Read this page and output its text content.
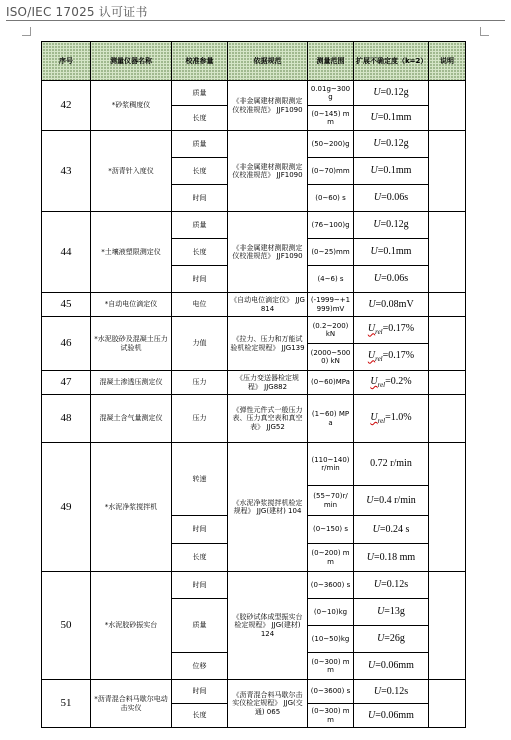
ISO/IEC 17025 认可证书
序号	测量仪器名称	校准参量	依据规范	测量范围	扩展不确定度（k=2）	说明
42	*砂浆稠度仪	质量	《非金属建材测限测定仪校准规范》 JJF1090	0.01g~300g	U=0.12g	
		长度		(0~145) mm	U=0.1mm	
43	*沥青针入度仪	质量	《非金属建材测限测定仪校准规范》 JJF1090	(50~200)g	U=0.12g	
		长度		(0~70)mm	U=0.1mm	
		时间		(0~60) s	U=0.06s	
44	*土壤液塑限测定仪	质量	《非金属建材测限测定仪校准规范》 JJF1090	(76~100)g	U=0.12g	
		长度		(0~25)mm	U=0.1mm	
		时间		(4~6) s	U=0.06s	
45	*自动电位滴定仪	电位	《自动电位滴定仪》 JJG 814	(-1999~+1999)mV	U=0.08mV	
46	*水泥胶砂及混凝土压力试验机	力值	《拉力、压力和万能试验机检定规程》 JJG139	(0.2~200) kN	$U_{rel}=0.17\%$	
				(2000~5000) kN	$U_{rel}=0.17\%$	
47	混凝土渗透压测定仪	压力	《压力变送器检定规程》 JJG882	(0~60)MPa	$U_{rel}=0.2\%$	
48	混凝土含气量测定仪	压力	《弹性元件式一般压力表、压力真空表和真空表》 JJG52	(1~60) MPa	$U_{rel}=1.0\%$	
49	*水泥净浆搅拌机	转速	《水泥净浆搅拌机检定规程》 JJG(建材) 104	(110~140)r/min	0.72 r/min	
				(55~70)r/min	U=0.4 r/min	
		时间		(0~150) s	U=0.24 s	
		长度		(0~200) mm	U=0.18 mm	
50	*水泥胶砂振实台	时间	《胶砂试体成型振实台检定规程》 JJG(建材) 124	(0~3600) s	U=0.12s	
		质量		(0~10)kg	U=13g	
				(10~50)kg	U=26g	
		位移		(0~300) mm	U=0.06mm	
51	*沥青混合料马歇尔电动击实仪	时间	《沥青混合料马歇尔击实仪检定规程》 JJG(交通) 065	(0~3600) s	U=0.12s	
		长度		(0~300) mm	U=0.06mm	
